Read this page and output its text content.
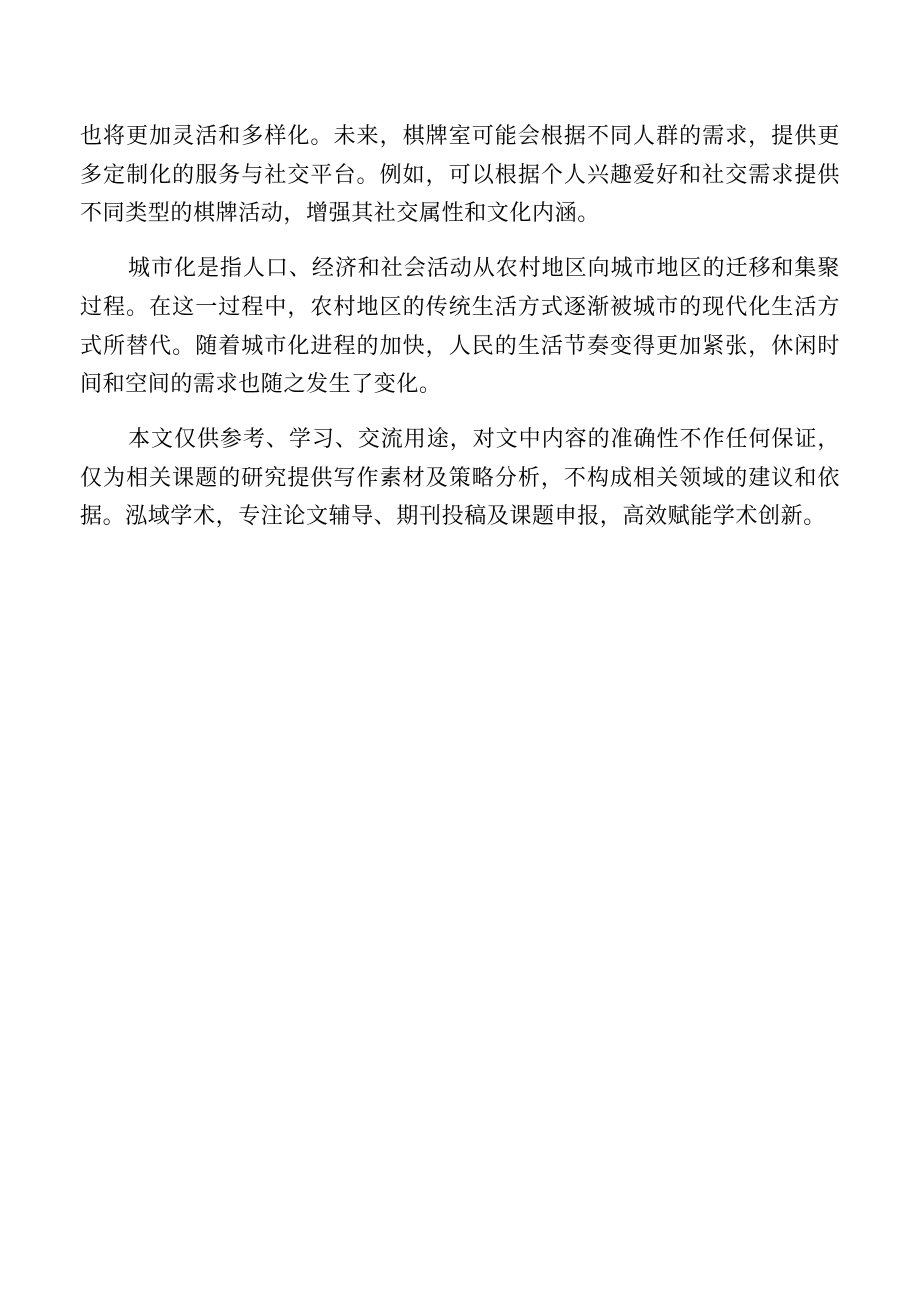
也将更加灵活和多样化。未来，棋牌室可能会根据不同人群的需求，提供更多定制化的服务与社交平台。例如，可以根据个人兴趣爱好和社交需求提供不同类型的棋牌活动，增强其社交属性和文化内涵。

城市化是指人口、经济和社会活动从农村地区向城市地区的迁移和集聚过程。在这一过程中，农村地区的传统生活方式逐渐被城市的现代化生活方式所替代。随着城市化进程的加快，人民的生活节奏变得更加紧张，休闲时间和空间的需求也随之发生了变化。

本文仅供参考、学习、交流用途，对文中内容的准确性不作任何保证，仅为相关课题的研究提供写作素材及策略分析，不构成相关领域的建议和依据。泓域学术，专注论文辅导、期刊投稿及课题申报，高效赋能学术创新。
